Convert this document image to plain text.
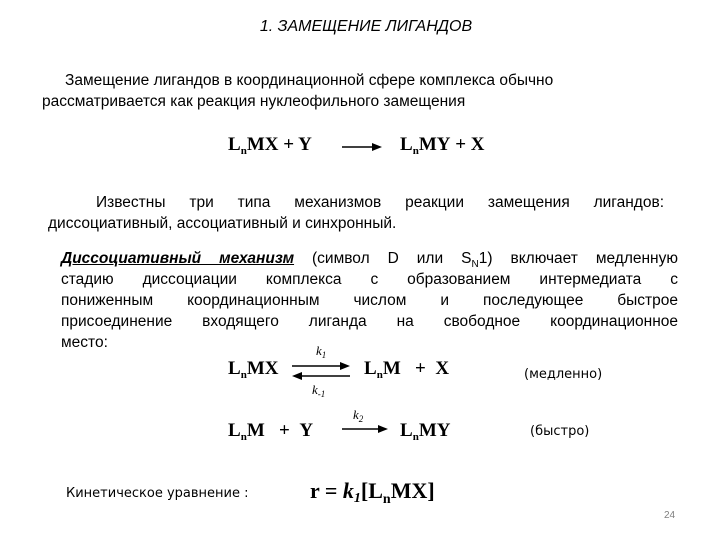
1. ЗАМЕЩЕНИЕ ЛИГАНДОВ
Замещение лигандов в координационной сфере комплекса обычно
рассматривается как реакция нуклеофильного замещения
$L_nMX + Y$	$L_nMY + X$
Известны три типа механизмов реакции замещения лигандов:
диссоциативный, ассоциативный и синхронный.
Диссоциативный механизм (символ D или $S_N1$) включает медленную
стадию диссоциации комплекса с образованием интермедиата с
пониженным координационным числом и последующее быстрое
присоединение входящего лиганда на свободное координационное
место:
$L_nMX$
$k_1$
$k_{-1}$
$L_nM + X$	(медленно)
$L_nM + Y$
$k_2$
$L_nMY$	(быстро)
Кинетическое уравнение :	$r = k1[L_nMX]$
24
